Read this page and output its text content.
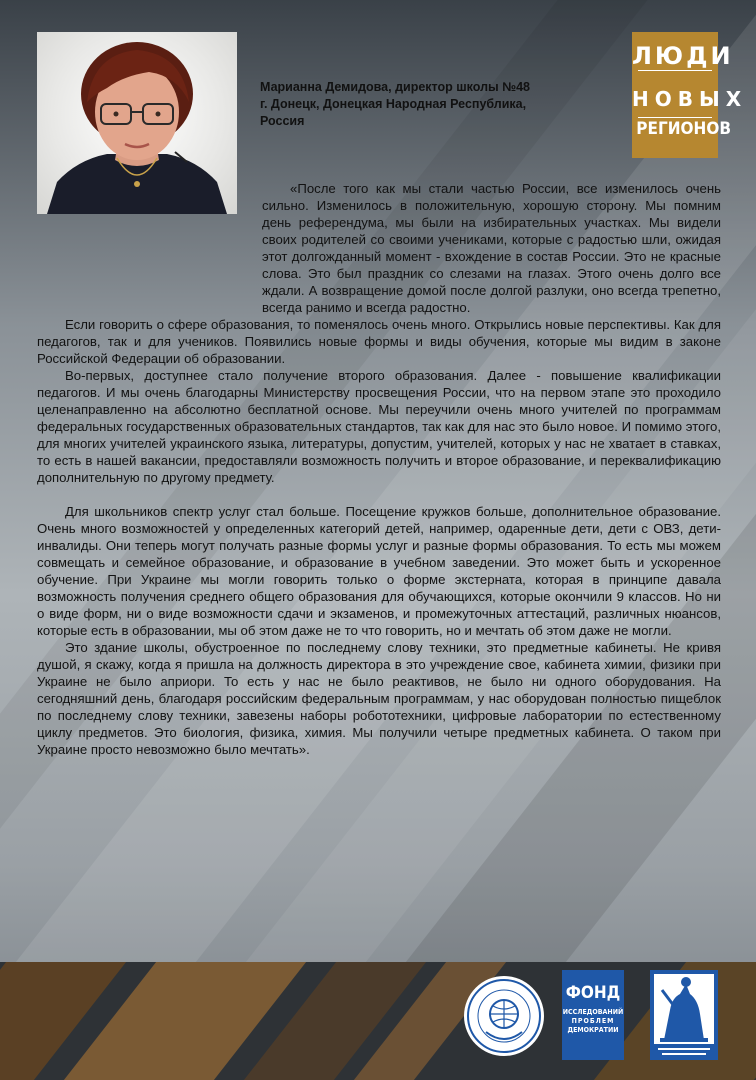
ЛЮДИ
НОВЫХ
РЕГИОНОВ
Марианна Демидова, директор школы №48
г. Донецк, Донецкая Народная Республика,
Россия

«После того как мы стали частью России, все изменилось очень сильно. Изменилось в положительную, хорошую сторону. Мы помним день референдума, мы были на избирательных участках. Мы видели своих родителей со своими учениками, которые с радостью шли, ожидая этот долгожданный момент - вхождение в состав России. Это не красные слова. Это был праздник со слезами на глазах. Этого очень долго все ждали. А возвращение домой после долгой разлуки, оно всегда трепетно, всегда ранимо и всегда радостно.

Если говорить о сфере образования, то поменялось очень много. Открылись новые перспективы. Как для педагогов, так и для учеников. Появились новые формы и виды обучения, которые мы видим в законе Российской Федерации об образовании.

Во-первых, доступнее стало получение второго образования. Далее - повышение квалификации педагогов. И мы очень благодарны Министерству просвещения России, что на первом этапе это проходило целенаправленно на абсолютно бесплатной основе. Мы переучили очень много учителей по программам федеральных государственных образовательных стандартов, так как для нас это было новое. И помимо этого, для многих учителей украинского языка, литературы, допустим, учителей, которых у нас не хватает в ставках, то есть в нашей вакансии, предоставляли возможность получить и второе образование, и переквалификацию дополнительную по другому предмету.

Для школьников спектр услуг стал больше. Посещение кружков больше, дополнительное образование. Очень много возможностей у определенных категорий детей, например, одаренные дети, дети с ОВЗ, дети-инвалиды. Они теперь могут получать разные формы услуг и разные формы образования. То есть мы можем совмещать и семейное образование, и образование в учебном заведении. Это может быть и ускоренное обучение. При Украине мы могли говорить только о форме экстерната, которая в принципе давала возможность получения среднего общего образования для обучающихся, которые окончили 9 классов. Но ни о виде форм, ни о виде возможности сдачи и экзаменов, и промежуточных аттестаций, различных нюансов, которые есть в образовании, мы об этом даже не то что говорить, но и мечтать об этом даже не могли.

Это здание школы, обустроенное по последнему слову техники, это предметные кабинеты. Не кривя душой, я скажу, когда я пришла на должность директора в это учреждение свое, кабинета химии, физики при Украине не было априори. То есть у нас не было реактивов, не было ни одного оборудования. На сегодняшний день, благодаря российским федеральным программам, у нас оборудован полностью пищеблок по последнему слову техники, завезены наборы робототехники, цифровые лаборатории по естественному циклу предметов. Это биология, физика, химия. Мы получили четыре предметных кабинета. О таком при Украине просто невозможно было мечтать».

ФОНД
ИССЛЕДОВАНИЙ
ПРОБЛЕМ
ДЕМОКРАТИИ
